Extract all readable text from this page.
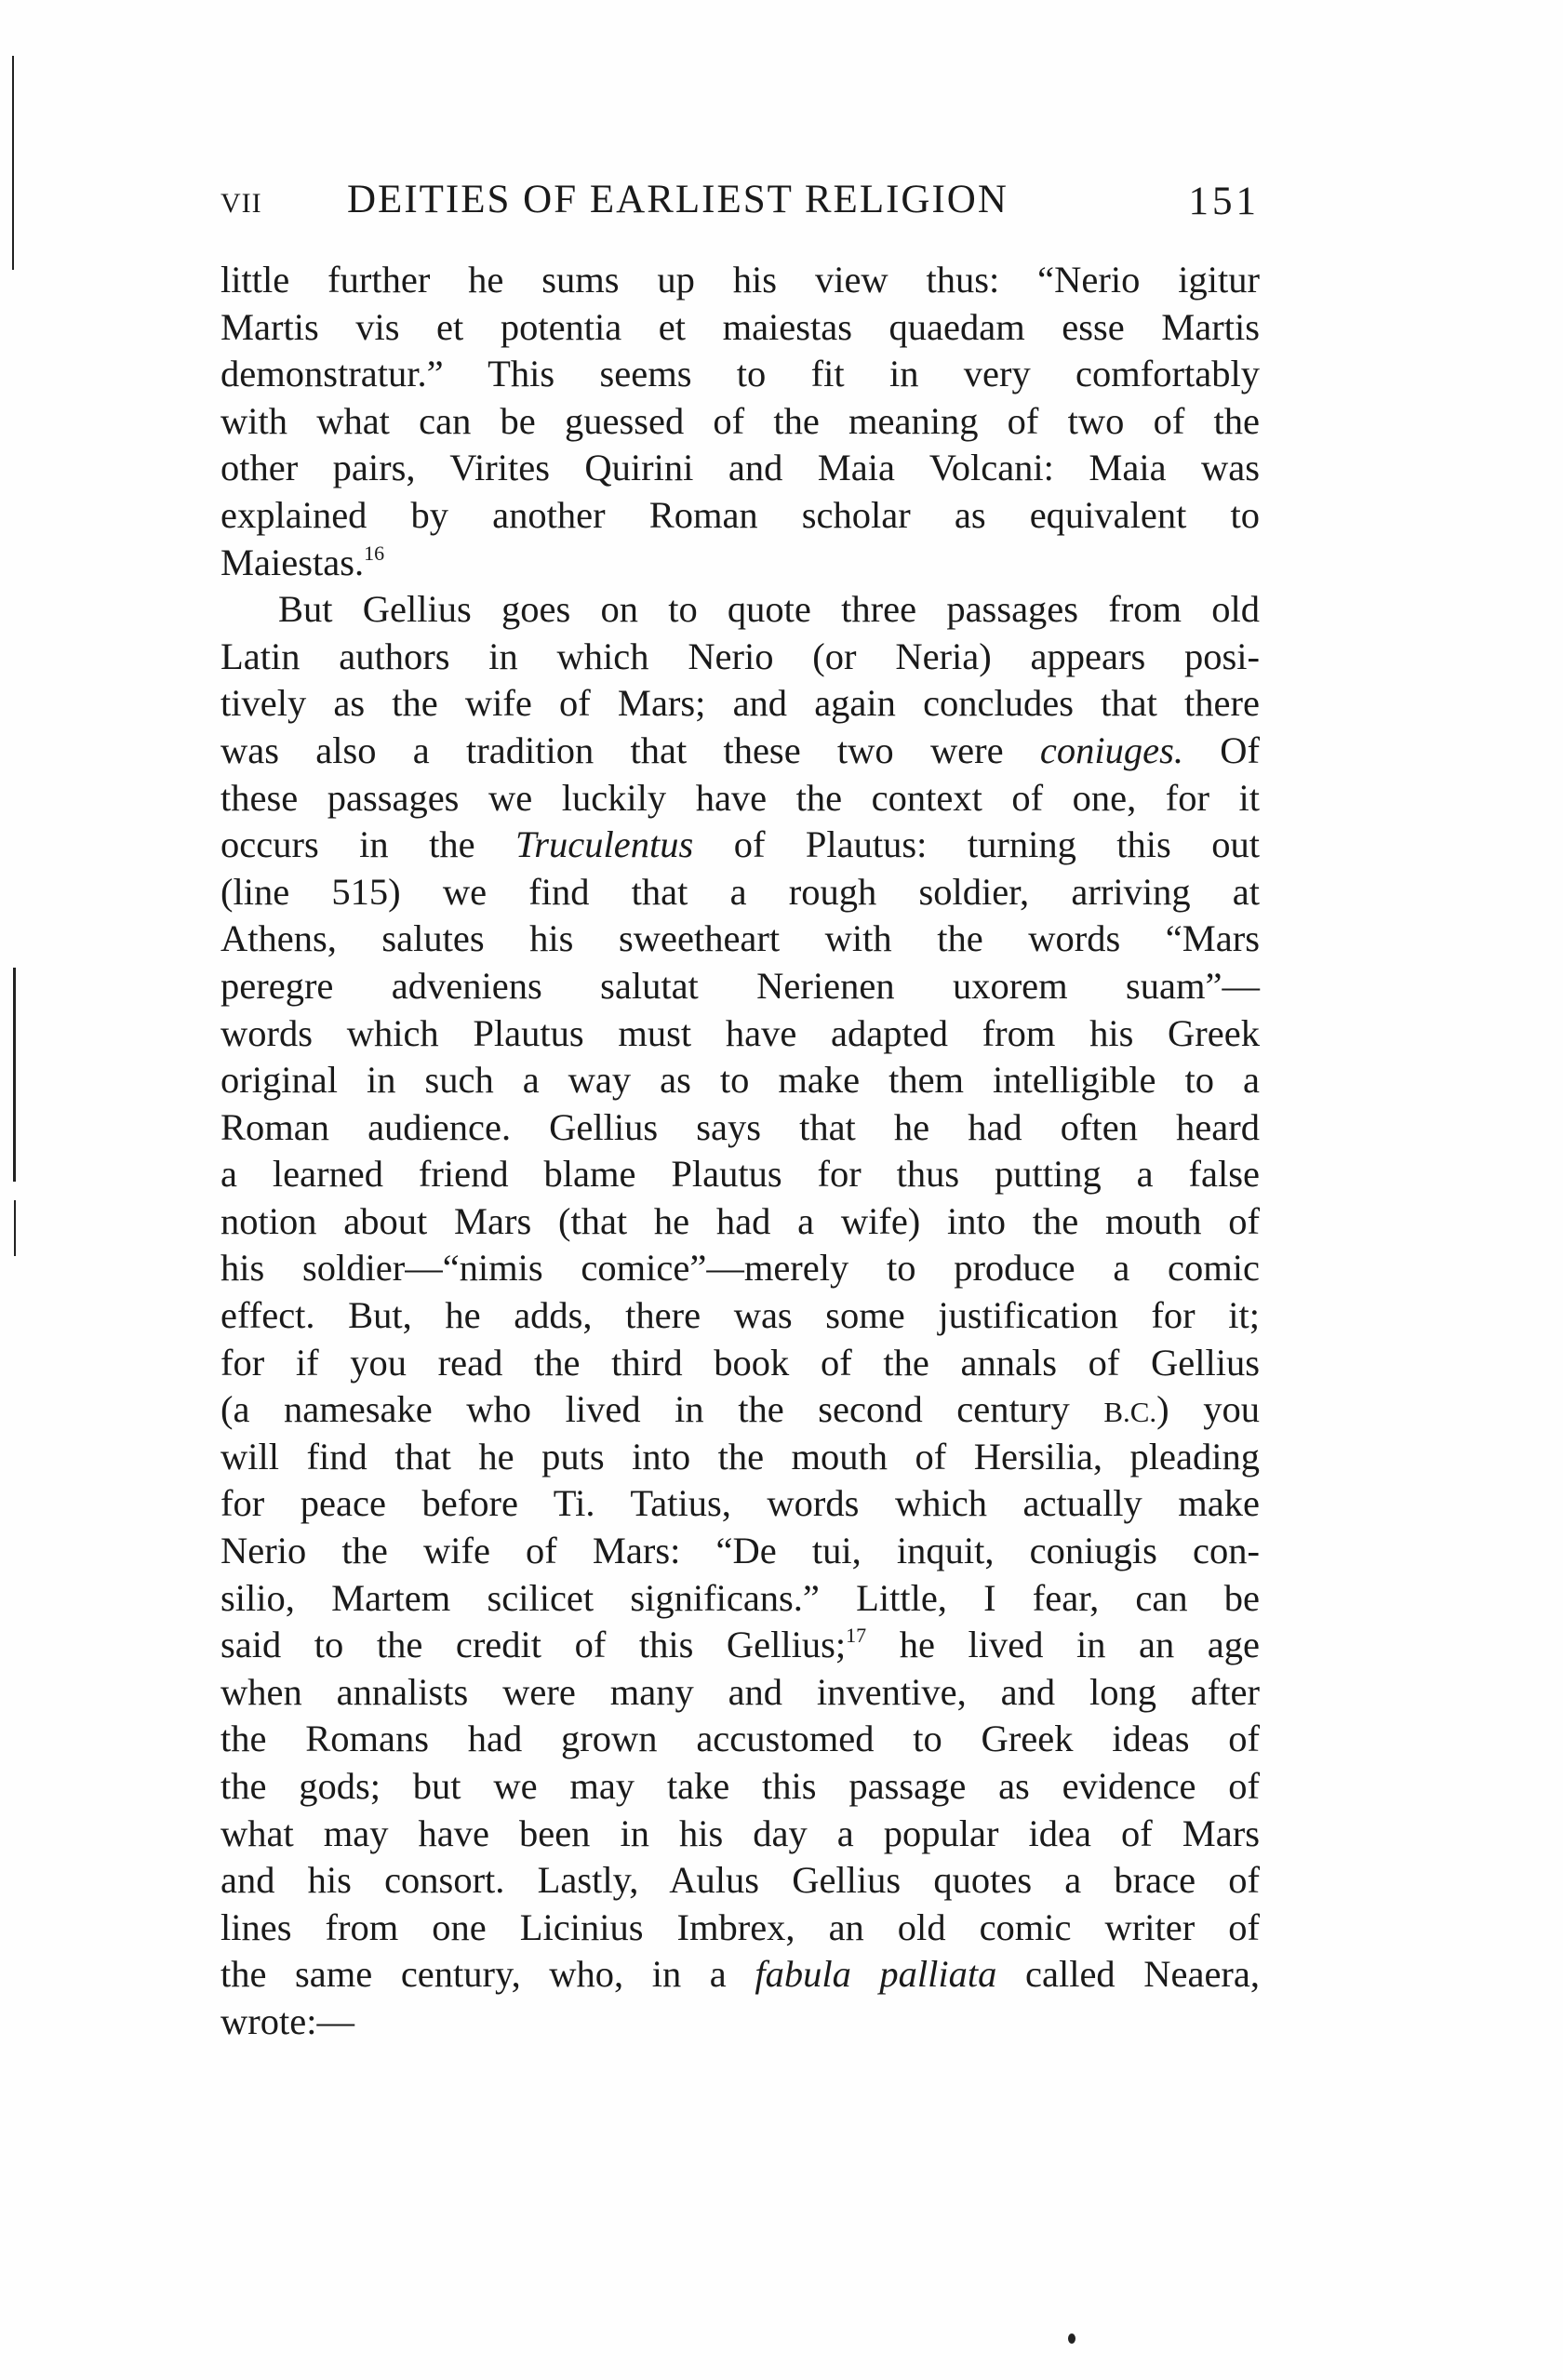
VII DEITIES OF EARLIEST RELIGION	151
little further he sums up his view thus: “Nerio igitur
Martis vis et potentia et maiestas quaedam esse Martis
demonstratur.” This seems to fit in very comfortably
with what can be guessed of the meaning of two of the
other pairs, Virites Quirini and Maia Volcani: Maia was
explained by another Roman scholar as equivalent to
Maiestas.$^{16}$
But Gellius goes on to quote three passages from old
Latin authors in which Nerio (or Neria) appears posi-
tively as the wife of Mars; and again concludes that there
was also a tradition that these two were coniuges. Of
these passages we luckily have the context of one, for it
occurs in the Truculentus of Plautus: turning this out
(line 515) we find that a rough soldier, arriving at
Athens, salutes his sweetheart with the words “Mars
peregre adveniens salutat Nerienen uxorem suam”—
words which Plautus must have adapted from his Greek
original in such a way as to make them intelligible to a
Roman audience. Gellius says that he had often heard
a learned friend blame Plautus for thus putting a false
notion about Mars (that he had a wife) into the mouth of
his soldier—“nimis comice”—merely to produce a comic
effect. But, he adds, there was some justification for it;
for if you read the third book of the annals of Gellius
(a namesake who lived in the second century B.C.) you
will find that he puts into the mouth of Hersilia, pleading
for peace before Ti. Tatius, words which actually make
Nerio the wife of Mars: “De tui, inquit, coniugis con-
silio, Martem scilicet significans.” Little, I fear, can be
said to the credit of this Gellius;$^{17}$ he lived in an age
when annalists were many and inventive, and long after
the Romans had grown accustomed to Greek ideas of
the gods; but we may take this passage as evidence of
what may have been in his day a popular idea of Mars
and his consort. Lastly, Aulus Gellius quotes a brace of
lines from one Licinius Imbrex, an old comic writer of
the same century, who, in a fabula palliata called Neaera,
wrote:—
